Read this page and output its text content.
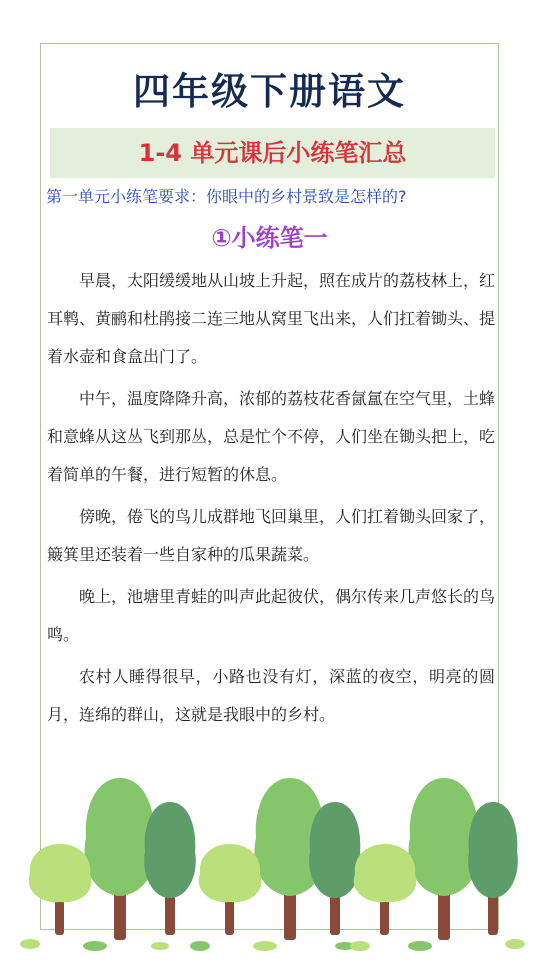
四年级下册语文
1-4 单元课后小练笔汇总

第一单元小练笔要求：你眼中的乡村景致是怎样的?

①小练笔一

早晨，太阳缓缓地从山坡上升起，照在成片的荔枝林上，红耳鹎、黄鹂和杜鹃接二连三地从窝里飞出来，人们扛着锄头、提着水壶和食盒出门了。

中午，温度降降升高，浓郁的荔枝花香氤氲在空气里，土蜂和意蜂从这丛飞到那丛，总是忙个不停，人们坐在锄头把上，吃着简单的午餐，进行短暂的休息。

傍晚，倦飞的鸟儿成群地飞回巢里，人们扛着锄头回家了，簸箕里还装着一些自家种的瓜果蔬菜。

晚上，池塘里青蛙的叫声此起彼伏，偶尔传来几声悠长的鸟鸣。

农村人睡得很早，小路也没有灯，深蓝的夜空，明亮的圆月，连绵的群山，这就是我眼中的乡村。
